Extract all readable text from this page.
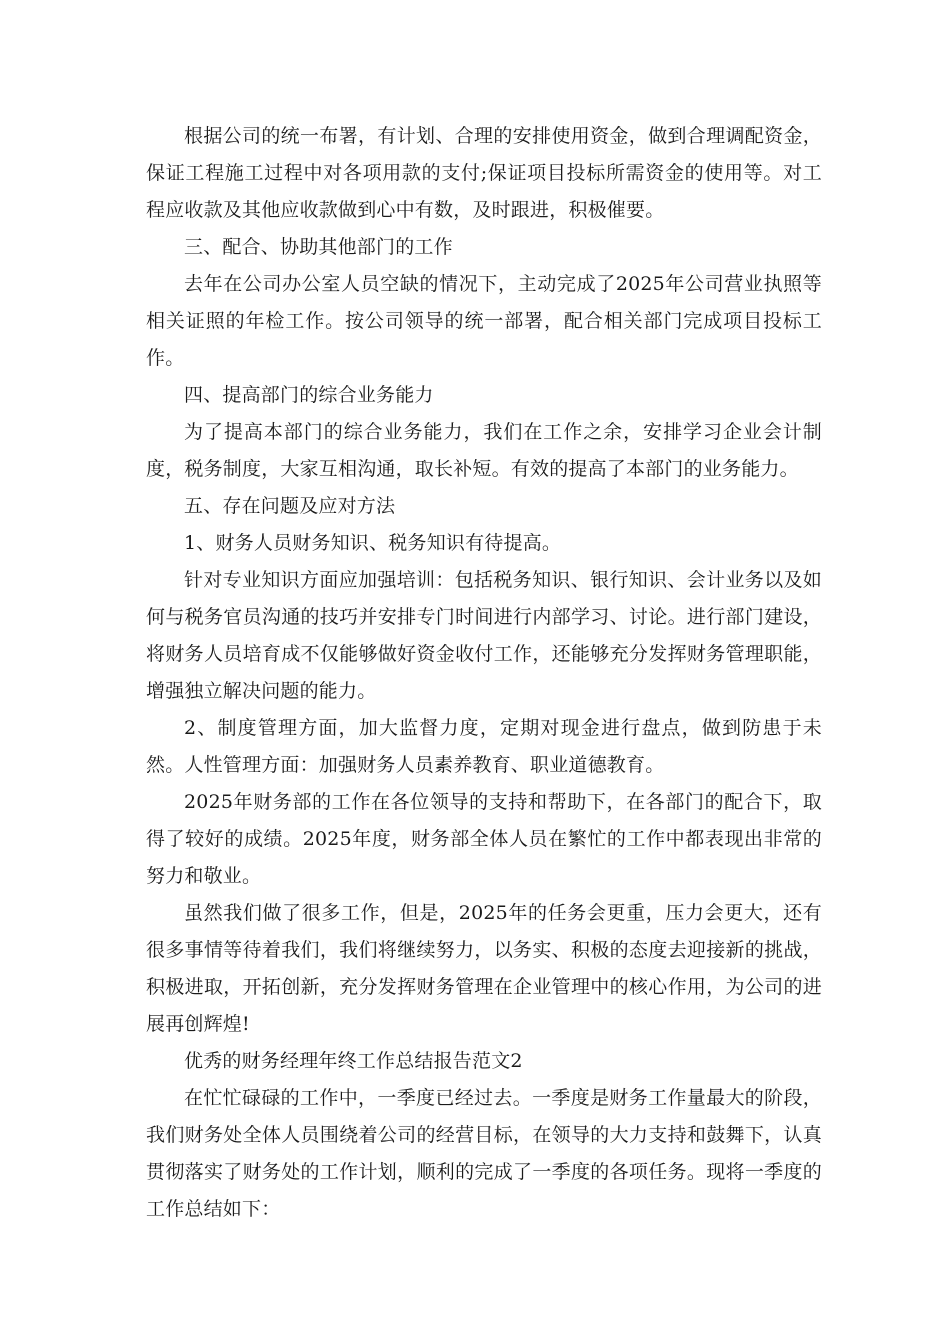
根据公司的统一布署，有计划、合理的安排使用资金，做到合理调配资金，保证工程施工过程中对各项用款的支付;保证项目投标所需资金的使用等。对工程应收款及其他应收款做到心中有数，及时跟进，积极催要。

三、配合、协助其他部门的工作

去年在公司办公室人员空缺的情况下，主动完成了2025年公司营业执照等相关证照的年检工作。按公司领导的统一部署，配合相关部门完成项目投标工作。

四、提高部门的综合业务能力

为了提高本部门的综合业务能力，我们在工作之余，安排学习企业会计制度，税务制度，大家互相沟通，取长补短。有效的提高了本部门的业务能力。

五、存在问题及应对方法

1、财务人员财务知识、税务知识有待提高。

针对专业知识方面应加强培训：包括税务知识、银行知识、会计业务以及如何与税务官员沟通的技巧并安排专门时间进行内部学习、讨论。进行部门建设，将财务人员培育成不仅能够做好资金收付工作，还能够充分发挥财务管理职能，增强独立解决问题的能力。

2、制度管理方面，加大监督力度，定期对现金进行盘点，做到防患于未然。人性管理方面：加强财务人员素养教育、职业道德教育。

2025年财务部的工作在各位领导的支持和帮助下，在各部门的配合下，取得了较好的成绩。2025年度，财务部全体人员在繁忙的工作中都表现出非常的努力和敬业。

虽然我们做了很多工作，但是，2025年的任务会更重，压力会更大，还有很多事情等待着我们，我们将继续努力，以务实、积极的态度去迎接新的挑战，积极进取，开拓创新，充分发挥财务管理在企业管理中的核心作用，为公司的进展再创辉煌!

优秀的财务经理年终工作总结报告范文2

在忙忙碌碌的工作中，一季度已经过去。一季度是财务工作量最大的阶段，我们财务处全体人员围绕着公司的经营目标，在领导的大力支持和鼓舞下，认真贯彻落实了财务处的工作计划，顺利的完成了一季度的各项任务。现将一季度的工作总结如下：
